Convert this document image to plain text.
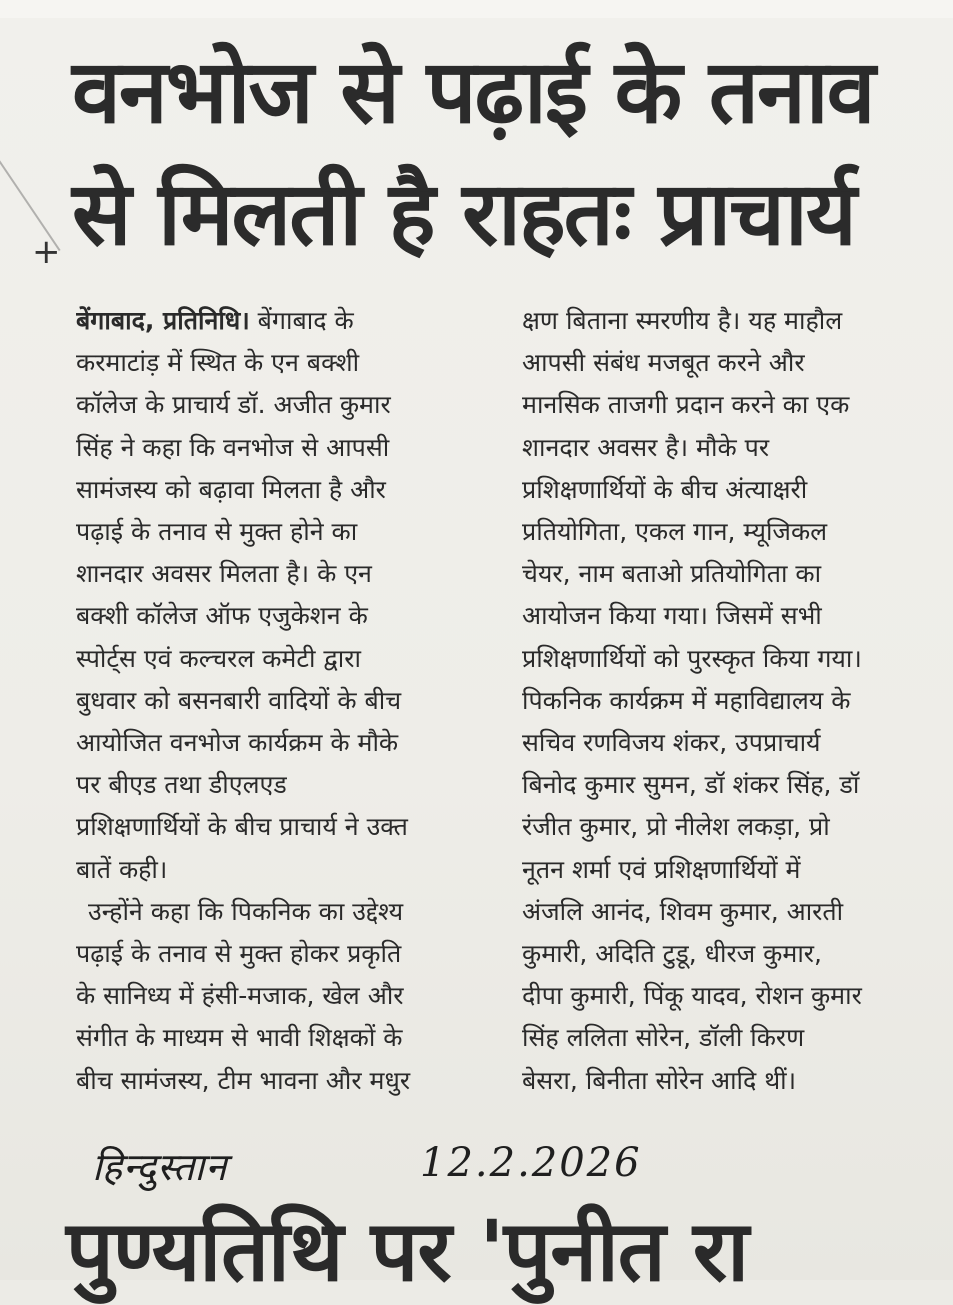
+
वनभोज से पढ़ाई के तनाव
से मिलती है राहतः प्राचार्य
बेंगाबाद, प्रतिनिधि। बेंगाबाद के
करमाटांड़ में स्थित के एन बक्शी
कॉलेज के प्राचार्य डॉ. अजीत कुमार
सिंह ने कहा कि वनभोज से आपसी
सामंजस्य को बढ़ावा मिलता है और
पढ़ाई के तनाव से मुक्त होने का
शानदार अवसर मिलता है। के एन
बक्शी कॉलेज ऑफ एजुकेशन के
स्पोर्ट्स एवं कल्चरल कमेटी द्वारा
बुधवार को बसनबारी वादियों के बीच
आयोजित वनभोज कार्यक्रम के मौके
पर बीएड तथा डीएलएड
प्रशिक्षणार्थियों के बीच प्राचार्य ने उक्त
बातें कही।
उन्होंने कहा कि पिकनिक का उद्देश्य
पढ़ाई के तनाव से मुक्त होकर प्रकृति
के सानिध्य में हंसी-मजाक, खेल और
संगीत के माध्यम से भावी शिक्षकों के
बीच सामंजस्य, टीम भावना और मधुर
क्षण बिताना स्मरणीय है। यह माहौल
आपसी संबंध मजबूत करने और
मानसिक ताजगी प्रदान करने का एक
शानदार अवसर है। मौके पर
प्रशिक्षणार्थियों के बीच अंत्याक्षरी
प्रतियोगिता, एकल गान, म्यूजिकल
चेयर, नाम बताओ प्रतियोगिता का
आयोजन किया गया। जिसमें सभी
प्रशिक्षणार्थियों को पुरस्कृत किया गया।
पिकनिक कार्यक्रम में महाविद्यालय के
सचिव रणविजय शंकर, उपप्राचार्य
बिनोद कुमार सुमन, डॉ शंकर सिंह, डॉ
रंजीत कुमार, प्रो नीलेश लकड़ा, प्रो
नूतन शर्मा एवं प्रशिक्षणार्थियों में
अंजलि आनंद, शिवम कुमार, आरती
कुमारी, अदिति टुडू, धीरज कुमार,
दीपा कुमारी, पिंकू यादव, रोशन कुमार
सिंह ललिता सोरेन, डॉली किरण
बेसरा, बिनीता सोरेन आदि थीं।
हिन्दुस्तान	12.2.2026
पुण्यतिथि पर 'पुनीत रा
